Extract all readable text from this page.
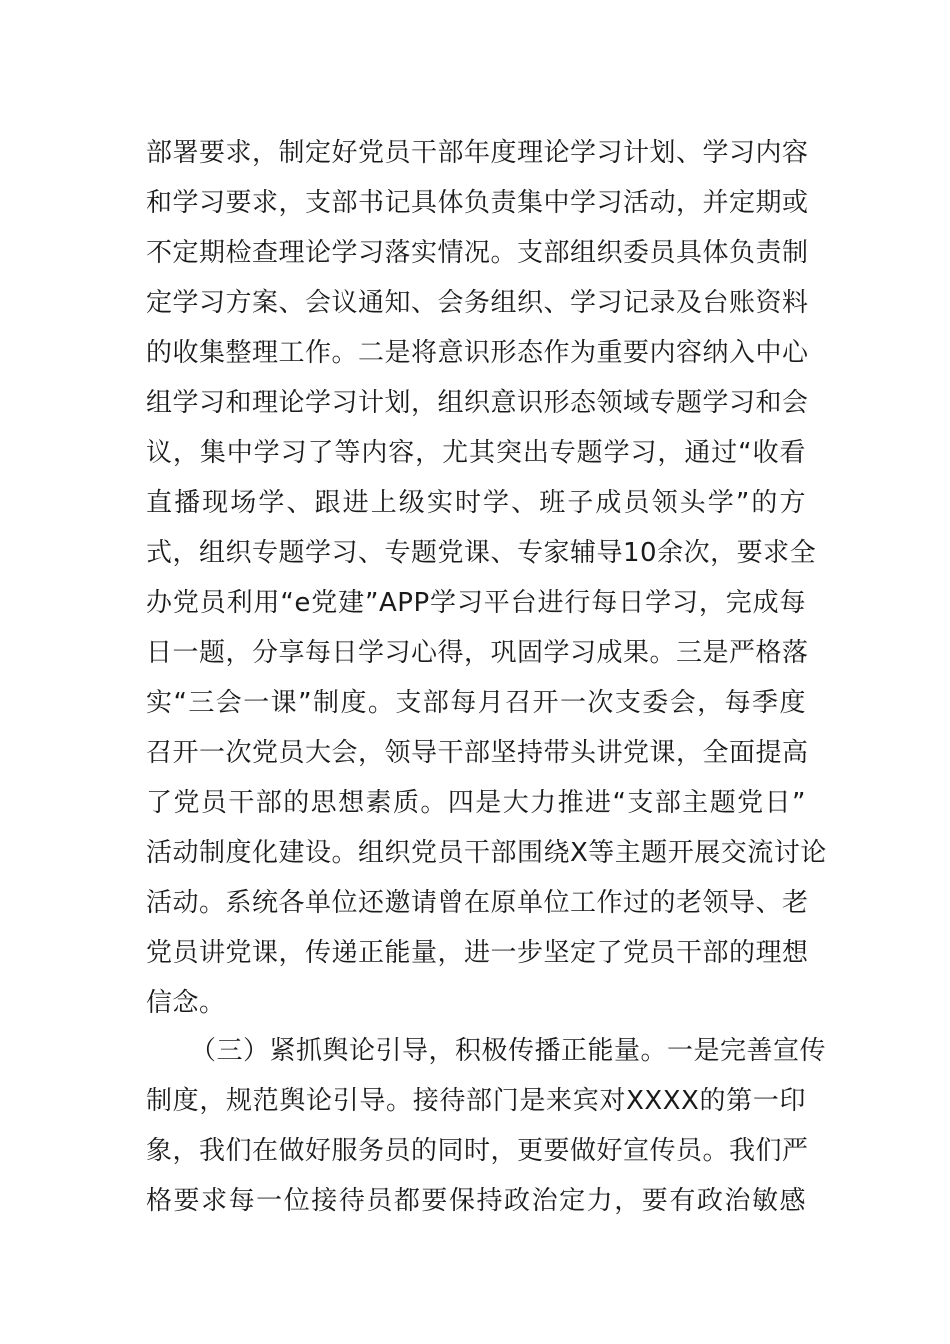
部署要求，制定好党员干部年度理论学习计划、学习内容
和学习要求，支部书记具体负责集中学习活动，并定期或
不定期检查理论学习落实情况。支部组织委员具体负责制
定学习方案、会议通知、会务组织、学习记录及台账资料
的收集整理工作。二是将意识形态作为重要内容纳入中心
组学习和理论学习计划，组织意识形态领域专题学习和会
议，集中学习了等内容，尤其突出专题学习，通过“收看
直播现场学、跟进上级实时学、班子成员领头学”的方
式，组织专题学习、专题党课、专家辅导10余次，要求全
办党员利用“e党建”APP学习平台进行每日学习，完成每
日一题，分享每日学习心得，巩固学习成果。三是严格落
实“三会一课”制度。支部每月召开一次支委会，每季度
召开一次党员大会，领导干部坚持带头讲党课，全面提高
了党员干部的思想素质。四是大力推进“支部主题党日”
活动制度化建设。组织党员干部围绕X等主题开展交流讨论
活动。系统各单位还邀请曾在原单位工作过的老领导、老
党员讲党课，传递正能量，进一步坚定了党员干部的理想
信念。
（三）紧抓舆论引导，积极传播正能量。一是完善宣传
制度，规范舆论引导。接待部门是来宾对XXXX的第一印
象，我们在做好服务员的同时，更要做好宣传员。我们严
格要求每一位接待员都要保持政治定力，要有政治敏感
